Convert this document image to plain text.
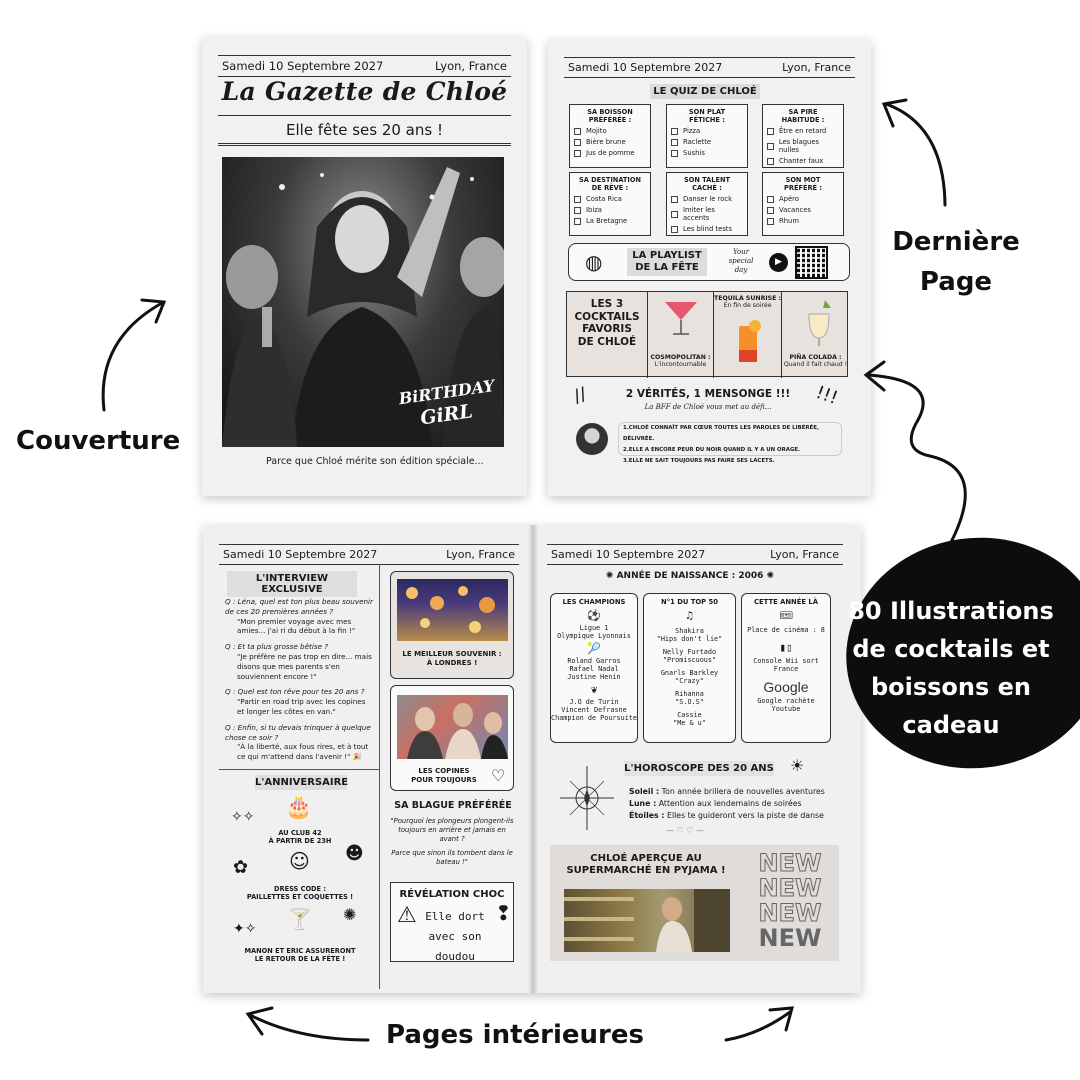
Samedi 10 Septembre 2027	Lyon, France
La Gazette de Chloé
Elle fête ses 20 ans !
BiRTHDAY
GiRL
Parce que Chloé mérite son édition spéciale...
Samedi 10 Septembre 2027	Lyon, France
LE QUIZ DE CHLOÉ
SA BOISSON
PRÉFÉRÉE :
Mojito
Bière brune
Jus de pomme
SON PLAT
FÉTICHE :
Pizza
Raclette
Sushis
SA PIRE
HABITUDE :
Être en retard
Les blagues nulles
Chanter faux
SA DESTINATION
DE RÊVE :
Costa Rica
Ibiza
La Bretagne
SON TALENT
CACHÉ :
Danser le rock
Imiter les accents
Les blind tests
SON MOT
PRÉFÉRÉ :
Apéro
Vacances
Rhum
◍	LA PLAYLIST
DE LA FÊTE
Your
special
day
▶
LES 3
COCKTAILS
FAVORIS
DE CHLOÉ
COSMOPOLITAN :
L'incontournable
TEQUILA SUNRISE :
En fin de soirée
PIÑA COLADA :
Quand il fait chaud !
2 VÉRITÉS, 1 MENSONGE !!!
La BFF de Chloé vous met au défi...
//	!!!
1.CHLOÉ CONNAÎT PAR CŒUR TOUTES LES PAROLES DE LIBÉRÉE, DÉLIVRÉE.
2.ELLE A ENCORE PEUR DU NOIR QUAND IL Y A UN ORAGE.
3.ELLE NE SAIT TOUJOURS PAS FAIRE SES LACETS.
Samedi 10 Septembre 2027	Lyon, France
L'INTERVIEW EXCLUSIVE
Q : Léna, quel est ton plus beau souvenir de ces 20 premières années ?
"Mon premier voyage avec mes amies... j'ai ri du début à la fin !"
Q : Et ta plus grosse bêtise ?
"Je préfère ne pas trop en dire... mais disons que mes parents s'en souviennent encore !"
Q : Quel est ton rêve pour tes 20 ans ?
"Partir en road trip avec les copines et longer les côtes en van."
Q : Enfin, si tu devais trinquer à quelque chose ce soir ?
"À la liberté, aux fous rires, et à tout ce qui m'attend dans l'avenir !" 🎉
L'ANNIVERSAIRE
✧✧ 🎂
AU CLUB 42
À PARTIR DE 23H
✿ ☺ ☻
DRESS CODE :
PAILLETTES ET COQUETTES !
✦✧ 🍸 ✺
MANON ET ERIC ASSURERONT
LE RETOUR DE LA FÊTE !
LE MEILLEUR SOUVENIR :
À LONDRES !
LES COPINES
POUR TOUJOURS ♡
SA BLAGUE PRÉFÉRÉE
"Pourquoi les plongeurs plongent-ils toujours en arrière et jamais en avant ?
Parce que sinon ils tombent dans le bateau !"
RÉVÉLATION CHOC
⚠	❢
Elle dort
avec son doudou
Samedi 10 Septembre 2027	Lyon, France
✺ ANNÉE DE NAISSANCE : 2006 ✺
LES CHAMPIONS
⚽
Ligue 1
Olympique Lyonnais
🎾
Roland Garros
Rafael Nadal
Justine Henin
❦
J.O de Turin
Vincent Defrasne
Champion de Poursuite
N°1 DU TOP 50
♫
Shakira
"Hips don't lie"
Nelly Furtado
"Promiscuous"
Gnarls Barkley
"Crazy"
Rihanna
"S.O.S"
Cassie
"Me & u"
CETTE ANNÉE LÀ
🎟
Place de cinéma : 8
▮▯
Console Wii sort
France
Google
Google rachète
Youtube
L'HOROSCOPE DES 20 ANS ☀
Soleil : Ton année brillera de nouvelles aventures
Lune : Attention aux lendemains de soirées
Étoiles : Elles te guideront vers la piste de danse
— ♡ ♡ —
CHLOÉ APERÇUE AU
SUPERMARCHÉ EN PYJAMA !	NEW
NEW
NEW
NEW
Couverture
Dernière
Page
Pages intérieures
80 Illustrations
de cocktails et
boissons en
cadeau
